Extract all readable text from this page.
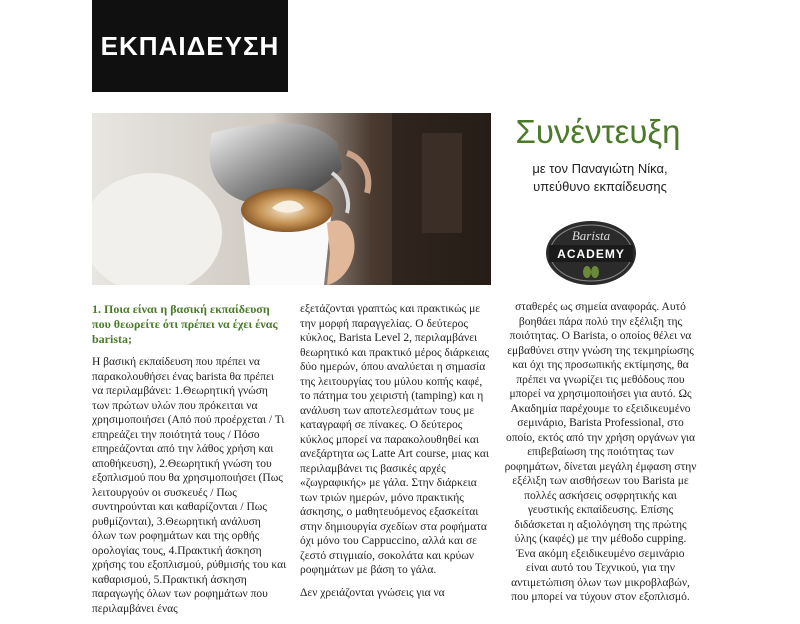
ΕΚΠΑΙΔΕΥΣΗ
Συνέντευξη
με τον Παναγιώτη Νίκα,
υπεύθυνο εκπαίδευσης
Barista
ACADEMY

1. Ποια είναι η βασική εκπαίδευση που θεωρείτε ότι πρέπει να έχει ένας barista;

Η βασική εκπαίδευση που πρέπει να παρακολουθήσει ένας barista θα πρέπει να περιλαμβάνει: 1.Θεωρητική γνώση των πρώτων υλών που πρόκειται να χρησιμοποιήσει (Από πού προέρχεται / Τι επηρεάζει την ποιότητά τους / Πόσο επηρεάζονται από την λάθος χρήση και αποθήκευση), 2.Θεωρητική γνώση του εξοπλισμού που θα χρησιμοποιήσει (Πως λειτουργούν οι συσκευές / Πως συντηρούνται και καθαρίζονται / Πως ρυθμίζονται), 3.Θεωρητική ανάλυση όλων των ροφημάτων και της ορθής ορολογίας τους, 4.Πρακτική άσκηση χρήσης του εξοπλισμού, ρύθμισής του και καθαρισμού, 5.Πρακτική άσκηση παραγωγής όλων των ροφημάτων που περιλαμβάνει ένας

εξετάζονται γραπτώς και πρακτικώς με την μορφή παραγγελίας. Ο δεύτερος κύκλος, Barista Level 2, περιλαμβάνει θεωρητικό και πρακτικό μέρος διάρκειας δύο ημερών, όπου αναλύεται η σημασία της λειτουργίας του μύλου κοπής καφέ, το πάτημα του χειριστή (tamping) και η ανάλυση των αποτελεσμάτων τους με καταγραφή σε πίνακες. Ο δεύτερος κύκλος μπορεί να παρακολουθηθεί και ανεξάρτητα ως Latte Art course, μιας και περιλαμβάνει τις βασικές αρχές «ζωγραφικής» με γάλα. Στην διάρκεια των τριών ημερών, μόνο πρακτικής άσκησης, ο μαθητευόμενος εξασκείται στην δημιουργία σχεδίων στα ροφήματα όχι μόνο του Cappuccino, αλλά και σε ζεστό στιγμιαίο, σοκολάτα και κρύων ροφημάτων με βάση το γάλα.

Δεν χρειάζονται γνώσεις για να

σταθερές ως σημεία αναφοράς. Αυτό βοηθάει πάρα πολύ την εξέλιξη της ποιότητας. Ο Barista, ο οποίος θέλει να εμβαθύνει στην γνώση της τεκμηρίωσης και όχι της προσωπικής εκτίμησης, θα πρέπει να γνωρίζει τις μεθόδους που μπορεί να χρησιμοποιήσει για αυτό. Ως Ακαδημία παρέχουμε το εξειδικευμένο σεμινάριο, Barista Professional, στο οποίο, εκτός από την χρήση οργάνων για επιβεβαίωση της ποιότητας των ροφημάτων, δίνεται μεγάλη έμφαση στην εξέλιξη των αισθήσεων του Barista με πολλές ασκήσεις οσφρητικής και γευστικής εκπαίδευσης. Επίσης διδάσκεται η αξιολόγηση της πρώτης ύλης (καφές) με την μέθοδο cupping. Ένα ακόμη εξειδικευμένο σεμινάριο είναι αυτό του Τεχνικού, για την αντιμετώπιση όλων των μικροβλαβών, που μπορεί να τύχουν στον εξοπλισμό.
